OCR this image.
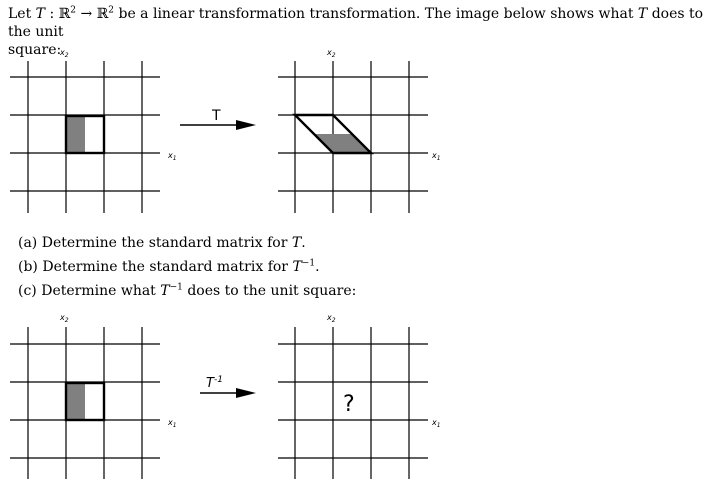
Let T : ℝ$^2$ → ℝ$^2$ be a linear transformation transformation. The image below shows what T does to the unit
square:
T
$x_2$
$x_1$
$x_2$
$x_1$
(a) Determine the standard matrix for T.
(b) Determine the standard matrix for $T^{-1}$.
(c) Determine what $T^{-1}$ does to the unit square:
?
$T^{-1}$
$x_2$
$x_1$
$x_2$
$x_1$
